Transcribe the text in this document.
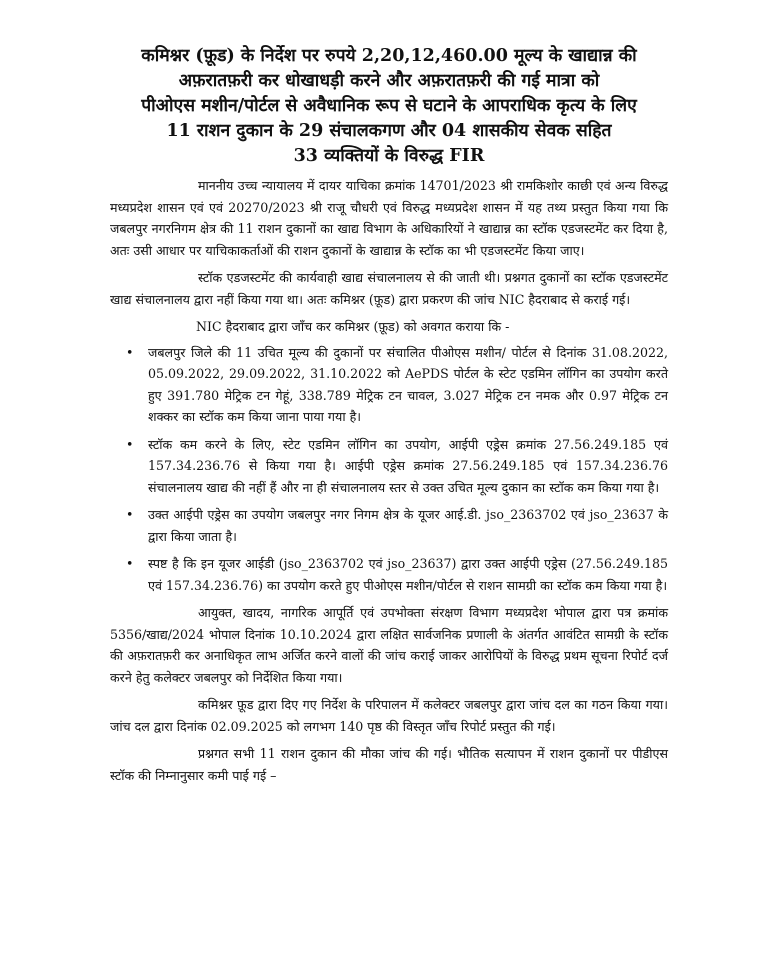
कमिश्नर (फ़ूड) के निर्देश पर रुपये 2,20,12,460.00 मूल्य के खाद्यान्न की
अफ़रातफ़री कर धोखाधड़ी करने और अफ़रातफ़री की गई मात्रा को
पीओएस मशीन/पोर्टल से अवैधानिक रूप से घटाने के आपराधिक कृत्य के लिए
11 राशन दुकान के 29 संचालकगण और 04 शासकीय सेवक सहित
33 व्यक्तियों के विरुद्ध FIR

माननीय उच्च न्यायालय में दायर याचिका क्रमांक 14701/2023 श्री रामकिशोर काछी एवं अन्य विरुद्ध मध्यप्रदेश शासन एवं एवं 20270/2023 श्री राजू चौधरी एवं विरुद्ध मध्यप्रदेश शासन में यह तथ्य प्रस्तुत किया गया कि जबलपुर नगरनिगम क्षेत्र की 11 राशन दुकानों का खाद्य विभाग के अधिकारियों ने खाद्यान्न का स्टॉक एडजस्टमेंट कर दिया है, अतः उसी आधार पर याचिकाकर्ताओं की राशन दुकानों के खाद्यान्न के स्टॉक का भी एडजस्टमेंट किया जाए।

स्टॉक एडजस्टमेंट की कार्यवाही खाद्य संचालनालय से की जाती थी। प्रश्नगत दुकानों का स्टॉक एडजस्टमेंट खाद्य संचालनालय द्वारा नहीं किया गया था। अतः कमिश्नर (फ़ूड) द्वारा प्रकरण की जांच NIC हैदराबाद से कराई गई।

NIC हैदराबाद द्वारा जाँच कर कमिश्नर (फ़ूड) को अवगत कराया कि -

• जबलपुर जिले की 11 उचित मूल्य की दुकानों पर संचालित पीओएस मशीन/ पोर्टल से दिनांक 31.08.2022, 05.09.2022, 29.09.2022, 31.10.2022 को AePDS पोर्टल के स्टेट एडमिन लॉगिन का उपयोग करते हुए 391.780 मेट्रिक टन गेहूं, 338.789 मेट्रिक टन चावल, 3.027 मेट्रिक टन नमक और 0.97 मेट्रिक टन शक्कर का स्टॉक कम किया जाना पाया गया है।
• स्टॉक कम करने के लिए, स्टेट एडमिन लॉगिन का उपयोग, आईपी एड्रेस क्रमांक 27.56.249.185 एवं 157.34.236.76 से किया गया है। आईपी एड्रेस क्रमांक 27.56.249.185 एवं 157.34.236.76 संचालनालय खाद्य की नहीं हैं और ना ही संचालनालय स्तर से उक्त उचित मूल्य दुकान का स्टॉक कम किया गया है।
• उक्त आईपी एड्रेस का उपयोग जबलपुर नगर निगम क्षेत्र के यूजर आई.डी. jso_2363702 एवं jso_23637 के द्वारा किया जाता है।
• स्पष्ट है कि इन यूजर आईडी (jso_2363702 एवं jso_23637) द्वारा उक्त आईपी एड्रेस (27.56.249.185 एवं 157.34.236.76) का उपयोग करते हुए पीओएस मशीन/पोर्टल से राशन सामग्री का स्टॉक कम किया गया है।

आयुक्त, खादय, नागरिक आपूर्ति एवं उपभोक्ता संरक्षण विभाग मध्यप्रदेश भोपाल द्वारा पत्र क्रमांक 5356/खाद्य/2024 भोपाल दिनांक 10.10.2024 द्वारा लक्षित सार्वजनिक प्रणाली के अंतर्गत आवंटित सामग्री के स्टॉक की अफ़रातफ़री कर अनाधिकृत लाभ अर्जित करने वालों की जांच कराई जाकर आरोपियों के विरुद्ध प्रथम सूचना रिपोर्ट दर्ज करने हेतु कलेक्टर जबलपुर को निर्देशित किया गया।

कमिश्नर फ़ूड द्वारा दिए गए निर्देश के परिपालन में कलेक्टर जबलपुर द्वारा जांच दल का गठन किया गया। जांच दल द्वारा दिनांक 02.09.2025 को लगभग 140 पृष्ठ की विस्तृत जाँच रिपोर्ट प्रस्तुत की गई।

प्रश्नगत सभी 11 राशन दुकान की मौका जांच की गई। भौतिक सत्यापन में राशन दुकानों पर पीडीएस स्टॉक की निम्नानुसार कमी पाई गई –
